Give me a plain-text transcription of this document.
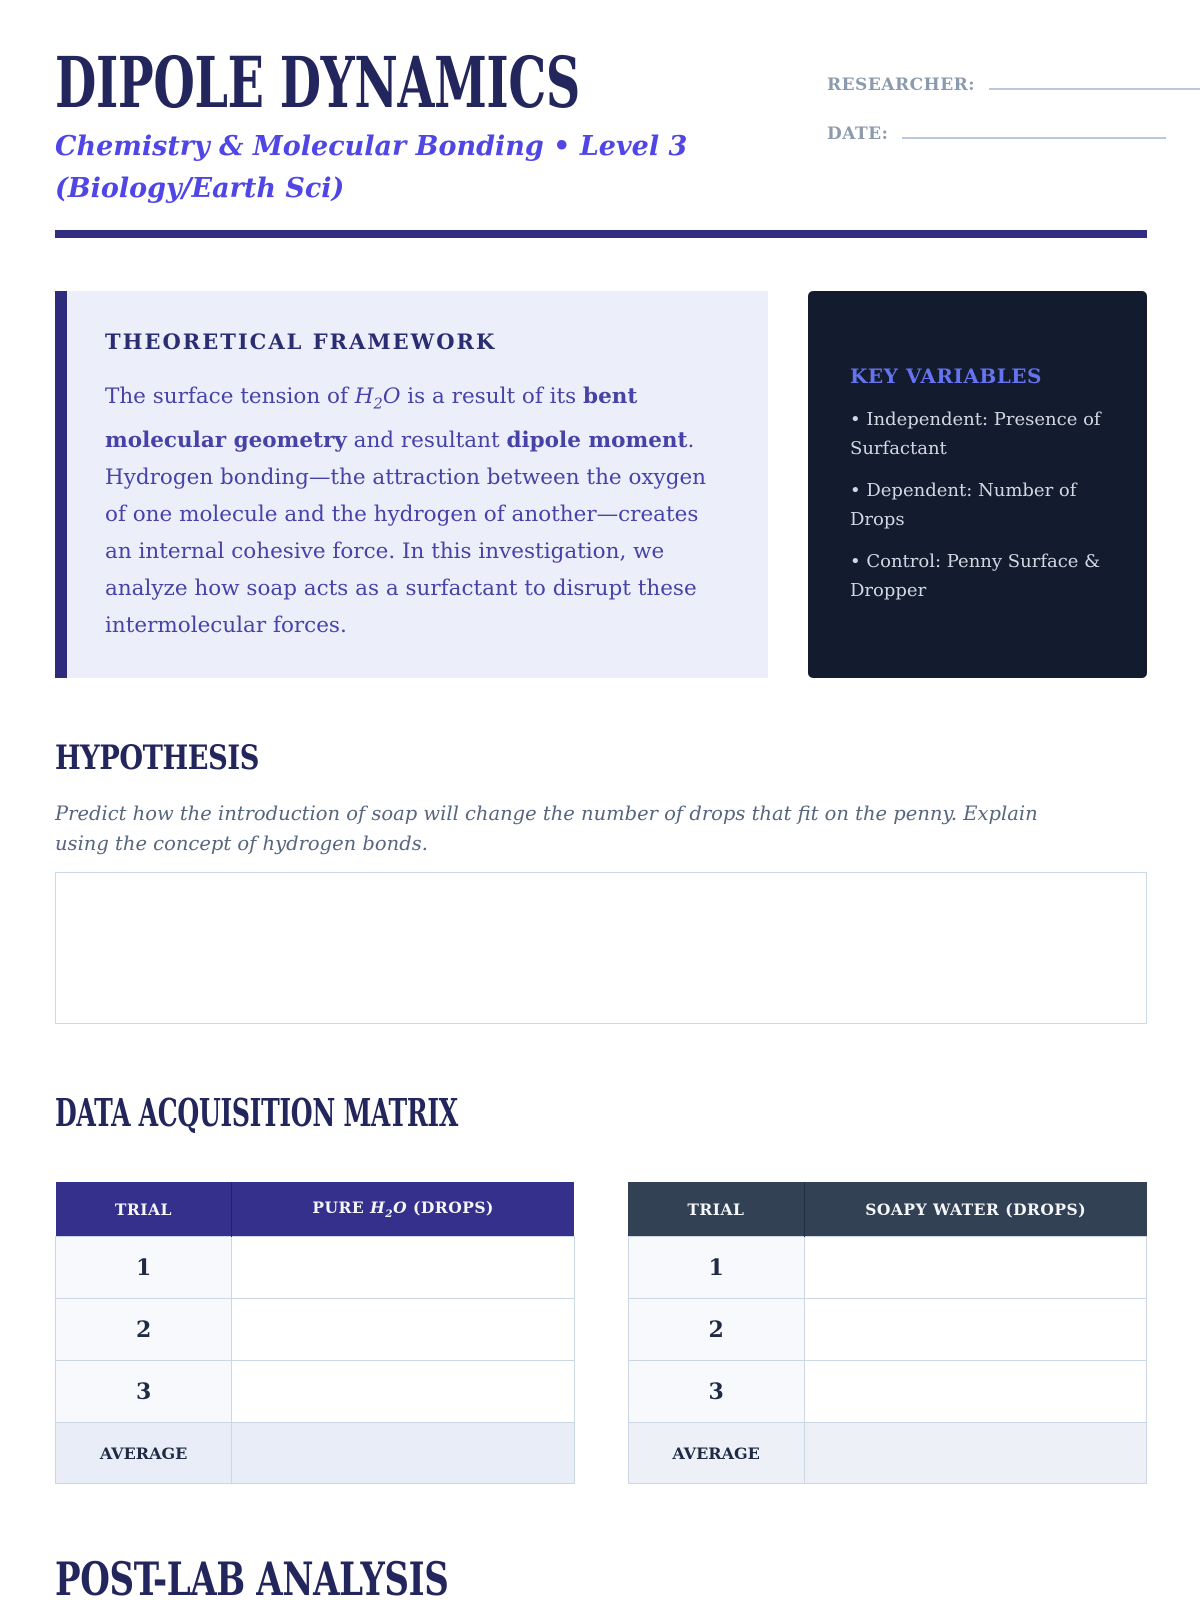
DIPOLE DYNAMICS
Chemistry & Molecular Bonding • Level 3
(Biology/Earth Sci)
RESEARCHER:
DATE:
THEORETICAL FRAMEWORK

The surface tension of $H_2O$ is a result of its bent molecular geometry and resultant dipole moment. Hydrogen bonding—the attraction between the oxygen of one molecule and the hydrogen of another—creates an internal cohesive force. In this investigation, we analyze how soap acts as a surfactant to disrupt these intermolecular forces.

KEY VARIABLES

• Independent: Presence of Surfactant

• Dependent: Number of Drops

• Control: Penny Surface & Dropper

HYPOTHESIS

Predict how the introduction of soap will change the number of drops that fit on the penny. Explain using the concept of hydrogen bonds.

DATA ACQUISITION MATRIX
TRIAL	PURE $H_2O$ (DROPS)
1	
2	
3	
AVERAGE	
TRIAL	SOAPY WATER (DROPS)
1	
2	
3	
AVERAGE	
POST-LAB ANALYSIS
